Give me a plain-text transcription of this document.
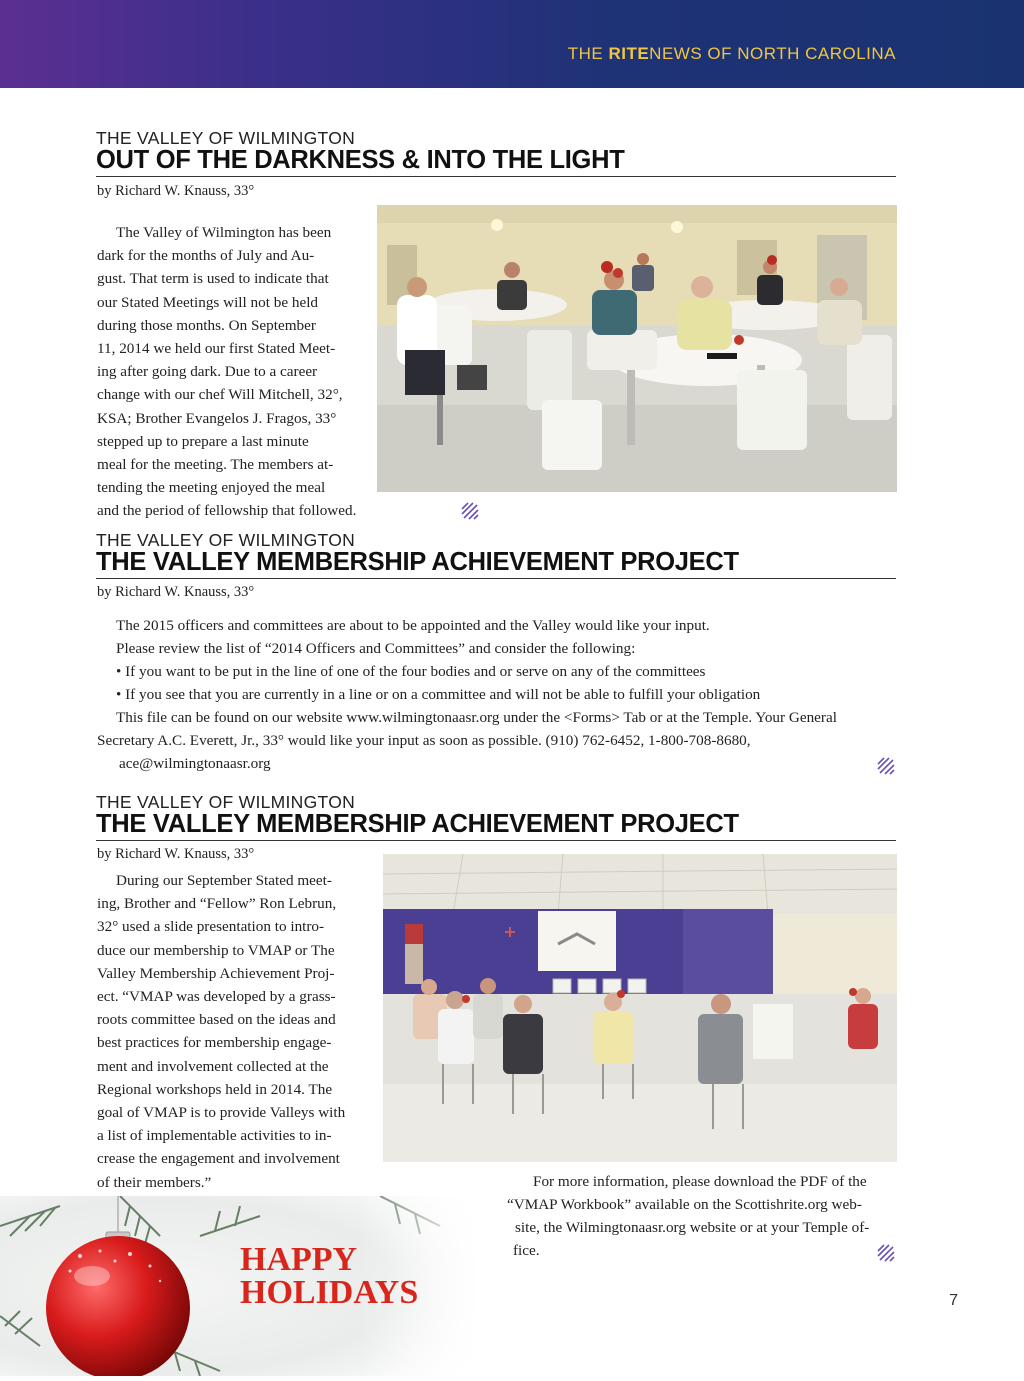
THE RITENEWS OF NORTH CAROLINA
THE VALLEY OF WILMINGTON
OUT OF THE DARKNESS & INTO THE LIGHT
by Richard W. Knauss, 33°

The Valley of Wilmington has been

dark for the months of July and Au-
gust. That term is used to indicate that
our Stated Meetings will not be held
during those months. On September
11, 2014 we held our first Stated Meet-
ing after going dark. Due to a career
change with our chef Will Mitchell, 32°,
KSA; Brother Evangelos J. Fragos, 33°
stepped up to prepare a last minute
meal for the meeting. The members at-
tending the meeting enjoyed the meal
and the period of fellowship that followed.
THE VALLEY OF WILMINGTON
THE VALLEY MEMBERSHIP ACHIEVEMENT PROJECT
by Richard W. Knauss, 33°
The 2015 officers and committees are about to be appointed and the Valley would like your input.
Please review the list of “2014 Officers and Committees” and consider the following:
• If you want to be put in the line of one of the four bodies and or serve on any of the committees
• If you see that you are currently in a line or on a committee and will not be able to fulfill your obligation
This file can be found on our website www.wilmingtonaasr.org under the <Forms> Tab or at the Temple. Your General
Secretary A.C. Everett, Jr., 33° would like your input as soon as possible. (910) 762-6452, 1-800-708-8680,
ace@wilmingtonaasr.org
THE VALLEY OF WILMINGTON
THE VALLEY MEMBERSHIP ACHIEVEMENT PROJECT
by Richard W. Knauss, 33°
During our September Stated meet-
ing, Brother and “Fellow” Ron Lebrun,
32° used a slide presentation to intro-
duce our membership to VMAP or The
Valley Membership Achievement Proj-
ect. “VMAP was developed by a grass-
roots committee based on the ideas and
best practices for membership engage-
ment and involvement collected at the
Regional workshops held in 2014. The
goal of VMAP is to provide Valleys with
a list of implementable activities to in-
crease the engagement and involvement
of their members.”	For more information, please download the PDF of the
“VMAP Workbook” available on the Scottishrite.org web-
site, the Wilmingtonaasr.org website or at your Temple of-
fice.
HAPPY
HOLIDAYS	7
